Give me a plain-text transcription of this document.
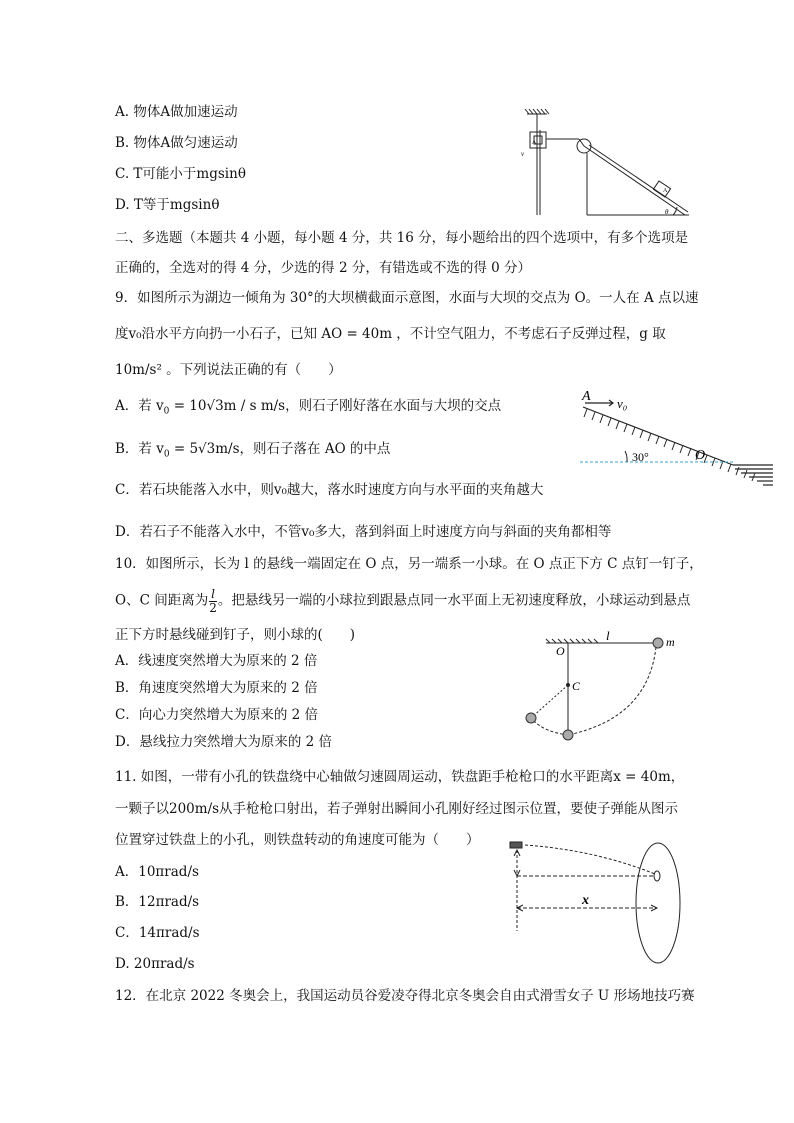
A. 物体A做加速运动
B. 物体A做匀速运动
C. T可能小于mgsinθ
D. T等于mgsinθ
A
v
A
θ
二、多选题（本题共 4 小题，每小题 4 分，共 16 分，每小题给出的四个选项中，有多个选项是
正确的，全选对的得 4 分，少选的得 2 分，有错选或不选的得 0 分）
9．如图所示为湖边一倾角为 30°的大坝横截面示意图，水面与大坝的交点为 O。一人在 A 点以速
度v₀沿水平方向扔一小石子，已知 AO = 40m ，不计空气阻力，不考虑石子反弹过程，g 取
10m/s² 。下列说法正确的有（　　）
A．若 $v_0 = 10√3m / s$ m/s，则石子刚好落在水面与大坝的交点
B．若 $v_0 = 5√3m/s$，则石子落在 AO 的中点
C．若石块能落入水中，则v₀越大，落水时速度方向与水平面的夹角越大
D．若石子不能落入水中，不管v₀多大，落到斜面上时速度方向与斜面的夹角都相等
A v₀
30°	O
10．如图所示，长为 l 的悬线一端固定在 O 点，另一端系一小球。在 O 点正下方 C 点钉一钉子，
O、C 间距离为 $\frac{l}{2}$ 。把悬线另一端的小球拉到跟悬点同一水平面上无初速度释放，小球运动到悬点
正下方时悬线碰到钉子，则小球的(　　)
A．线速度突然增大为原来的 2 倍
B．角速度突然增大为原来的 2 倍
C．向心力突然增大为原来的 2 倍
D．悬线拉力突然增大为原来的 2 倍
l	m
O
C
11. 如图，一带有小孔的铁盘绕中心轴做匀速圆周运动，铁盘距手枪枪口的水平距离x = 40m，
一颗子以200m/s从手枪枪口射出，若子弹射出瞬间小孔刚好经过图示位置，要使子弹能从图示
位置穿过铁盘上的小孔，则铁盘转动的角速度可能为（　　）
A．10πrad/s
B．12πrad/s
C．14πrad/s
D. 20πrad/s
x
12．在北京 2022 冬奥会上，我国运动员谷爱凌夺得北京冬奥会自由式滑雪女子 U 形场地技巧赛
